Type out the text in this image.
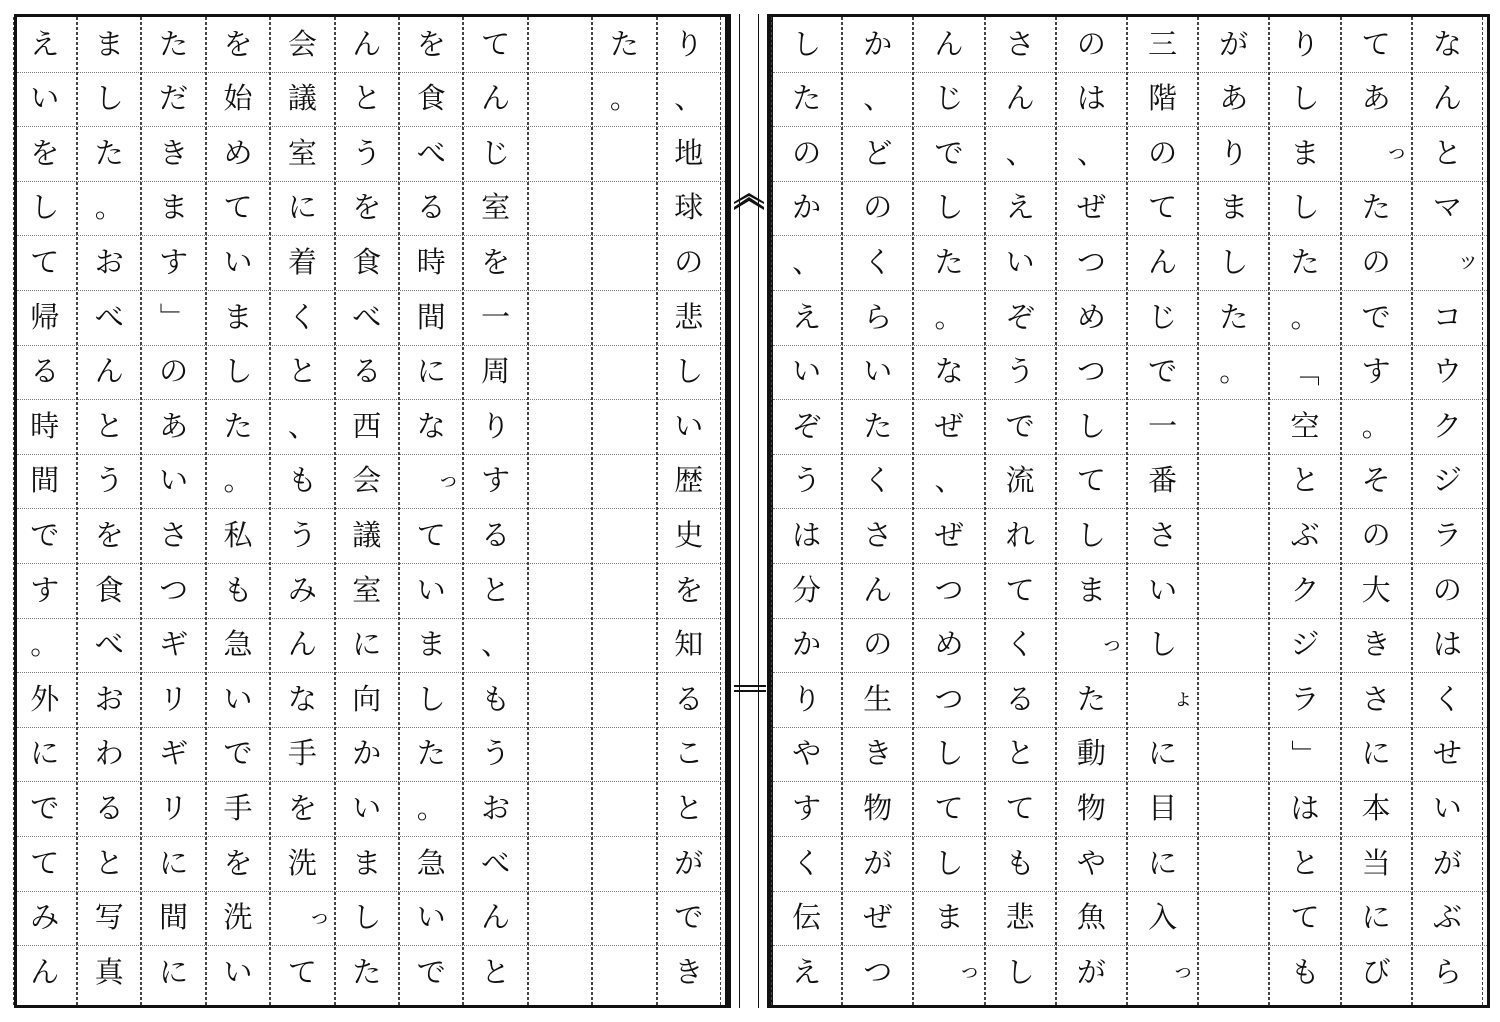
な
ん
と
マ
ッ
コ
ウ
ク
ジ
ラ
の
は
く
せ
い
が
ぶ
ら
て
あ
っ
た
の
で
す
。
そ
の
大
き
さ
に
本
当
に
び
り
し
ま
し
た
。
「
空
と
ぶ
ク
ジ
ラ
」
は
と
て
も
が
あ
り
ま
し
た
。
三
階
の
て
ん
じ
で
一
番
さ
い
し
ょ
に
目
に
入
っ
の
は
、
ぜ
つ
め
つ
し
て
し
ま
っ
た
動
物
や
魚
が
さ
ん
、
え
い
ぞ
う
で
流
れ
て
く
る
と
て
も
悲
し
ん
じ
で
し
た
。
な
ぜ
、
ぜ
つ
め
つ
し
て
し
ま
っ
か
、
ど
の
く
ら
い
た
く
さ
ん
の
生
き
物
が
ぜ
つ
し
た
の
か
、
え
い
ぞ
う
は
分
か
り
や
す
く
伝
え
り
、
地
球
の
悲
し
い
歴
史
を
知
る
こ
と
が
で
き
た
。
て
ん
じ
室
を
一
周
り
す
る
と
、
も
う
お
べ
ん
と
を
食
べ
る
時
間
に
な
っ
て
い
ま
し
た
。
急
い
で
ん
と
う
を
食
べ
る
西
会
議
室
に
向
か
い
ま
し
た
会
議
室
に
着
く
と
、
も
う
み
ん
な
手
を
洗
っ
て
を
始
め
て
い
ま
し
た
。
私
も
急
い
で
手
を
洗
い
た
だ
き
ま
す
」
の
あ
い
さ
つ
ギ
リ
ギ
リ
に
間
に
ま
し
た
。
お
べ
ん
と
う
を
食
べ
お
わ
る
と
写
真
え
い
を
し
て
帰
る
時
間
で
す
。
外
に
で
て
み
ん
